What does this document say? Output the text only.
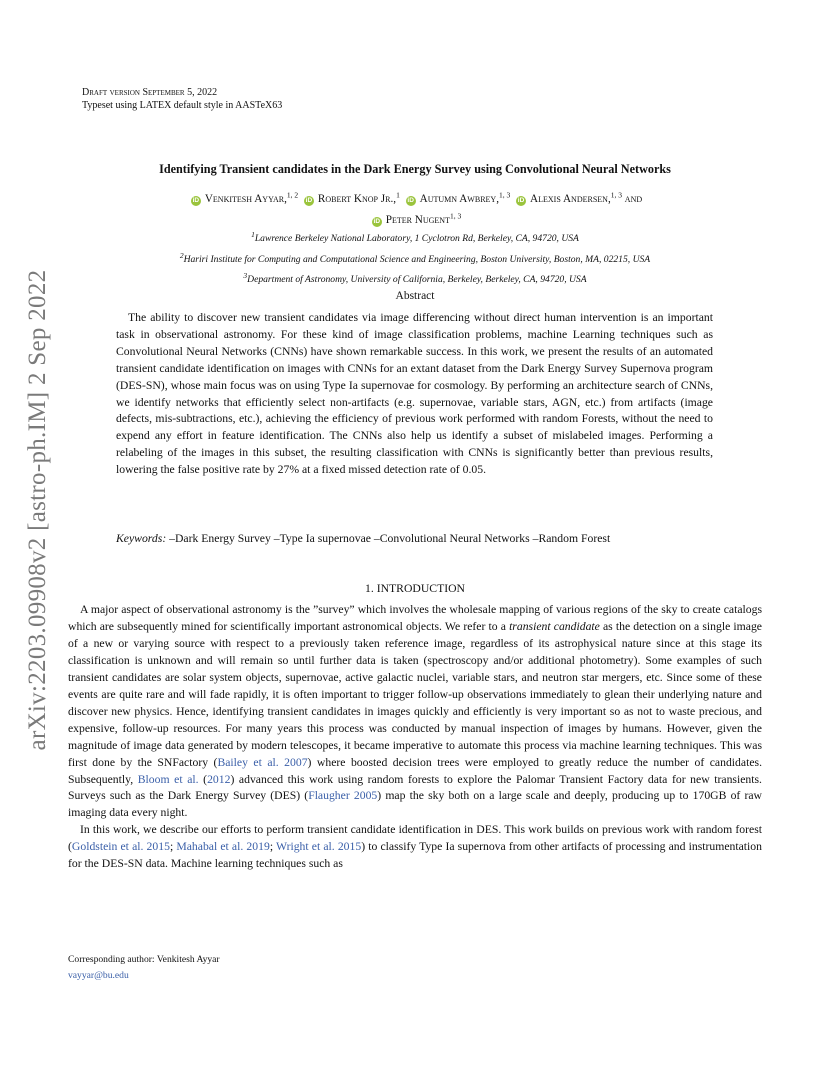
arXiv:2203.09908v2 [astro-ph.IM] 2 Sep 2022
Draft version September 5, 2022
Typeset using LATEX default style in AASTeX63
Identifying Transient candidates in the Dark Energy Survey using Convolutional Neural Networks
iD Venkitesh Ayyar,$^{1, 2}$ iD Robert Knop Jr.,$^1$ iD Autumn Awbrey,$^{1, 3}$ iD Alexis Andersen,$^{1, 3}$ and
iD Peter Nugent$^{1, 3}$
$^1$Lawrence Berkeley National Laboratory, 1 Cyclotron Rd, Berkeley, CA, 94720, USA
$^2$Hariri Institute for Computing and Computational Science and Engineering, Boston University, Boston, MA, 02215, USA
$^3$Department of Astronomy, University of California, Berkeley, Berkeley, CA, 94720, USA
Abstract

The ability to discover new transient candidates via image differencing without direct human intervention is an important task in observational astronomy. For these kind of image classification problems, machine Learning techniques such as Convolutional Neural Networks (CNNs) have shown remarkable success. In this work, we present the results of an automated transient candidate identification on images with CNNs for an extant dataset from the Dark Energy Survey Supernova program (DES-SN), whose main focus was on using Type Ia supernovae for cosmology. By performing an architecture search of CNNs, we identify networks that efficiently select non-artifacts (e.g. supernovae, variable stars, AGN, etc.) from artifacts (image defects, mis-subtractions, etc.), achieving the efficiency of previous work performed with random Forests, without the need to expend any effort in feature identification. The CNNs also help us identify a subset of mislabeled images. Performing a relabeling of the images in this subset, the resulting classification with CNNs is significantly better than previous results, lowering the false positive rate by 27% at a fixed missed detection rate of 0.05.

Keywords: –Dark Energy Survey –Type Ia supernovae –Convolutional Neural Networks –Random Forest

1. INTRODUCTION

A major aspect of observational astronomy is the ”survey” which involves the wholesale mapping of various regions of the sky to create catalogs which are subsequently mined for scientifically important astronomical objects. We refer to a transient candidate as the detection on a single image of a new or varying source with respect to a previously taken reference image, regardless of its astrophysical nature since at this stage its classification is unknown and will remain so until further data is taken (spectroscopy and/or additional photometry). Some examples of such transient candidates are solar system objects, supernovae, active galactic nuclei, variable stars, and neutron star mergers, etc. Since some of these events are quite rare and will fade rapidly, it is often important to trigger follow-up observations immediately to glean their underlying nature and discover new physics. Hence, identifying transient candidates in images quickly and efficiently is very important so as not to waste precious, and expensive, follow-up resources. For many years this process was conducted by manual inspection of images by humans. However, given the magnitude of image data generated by modern telescopes, it became imperative to automate this process via machine learning techniques. This was first done by the SNFactory (Bailey et al. 2007) where boosted decision trees were employed to greatly reduce the number of candidates. Subsequently, Bloom et al. (2012) advanced this work using random forests to explore the Palomar Transient Factory data for new transients. Surveys such as the Dark Energy Survey (DES) (Flaugher 2005) map the sky both on a large scale and deeply, producing up to 170GB of raw imaging data every night.

In this work, we describe our efforts to perform transient candidate identification in DES. This work builds on previous work with random forest (Goldstein et al. 2015; Mahabal et al. 2019; Wright et al. 2015) to classify Type Ia supernova from other artifacts of processing and instrumentation for the DES-SN data. Machine learning techniques such as

Corresponding author: Venkitesh Ayyar
vayyar@bu.edu
